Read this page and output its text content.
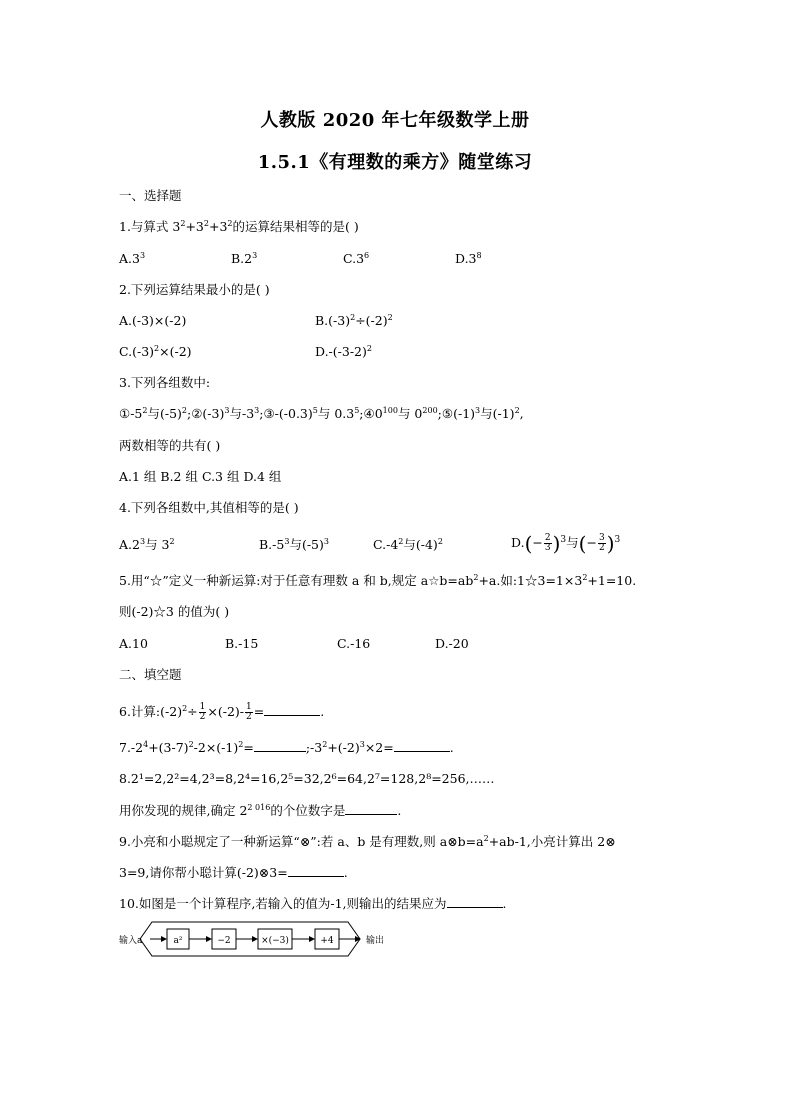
人教版 2020 年七年级数学上册
1.5.1《有理数的乘方》随堂练习
一、选择题
1.与算式 $3^2+3^2+3^2$的运算结果相等的是( )
$A.3^3$	$B.2^3$	$C.3^6$	$D.3^8$
2.下列运算结果最小的是( )
A.(-3)×(-2)	$B.(-3)^2\div(-2)^2$
$C.(-3)^2\times(-2)$	$D.-(-3-2)^2$
3.下列各组数中:
$①-5^2$与$(-5)^2;②(-3)^3$与$-3^3;③-(-0.3)^5$与 $0.3^5;④0^{100}$与 $0^{200};⑤(-1)^3$与$(-1)^2$,
两数相等的共有( )
A.1 组 B.2 组 C.3 组 D.4 组
4.下列各组数中,其值相等的是( )
$A.2^3$与 $3^2$	$B.-5^3$与$(-5)^3$	$C.-4^2$与$(-4)^2$	$D.(- \frac{2}{3} )^3$与(− $\frac{3}{2} )^3$
5.用“☆”定义一种新运算:对于任意有理数 a 和 b,规定 $a☆b=ab^2+a$.如$:1☆3=1\times 3^2+1=10$.
则(-2)☆3 的值为( )
A.10	B.-15	C.-16	D.-20
二、填空题
6.计算$:(-2)^2\div \frac{1}{2} \times(-2)- \frac{1}{2}$ =	.
$7.-2^4+(3-7)^2-2\times(-1)^2=$	$;-3^2+(-2)^3\times 2=$	.
8.2¹=2,2²=4,2³=8,2⁴=16,2⁵=32,2⁶=64,2⁷=128,2⁸=256,……
用你发现的规律,确定 $2^{2 016}$的个位数字是	.
9.小亮和小聪规定了一种新运算“⊗”:若 a、b 是有理数,则 $a\otimes b=a^2+ab-1$,小亮计算出 2⊗
3=9,请你帮小聪计算(-2)⊗3=	.
10.如图是一个计算程序,若输入的值为-1,则输出的结果应为	.
输入a	a²	−2	×(−3)	+4	输出
